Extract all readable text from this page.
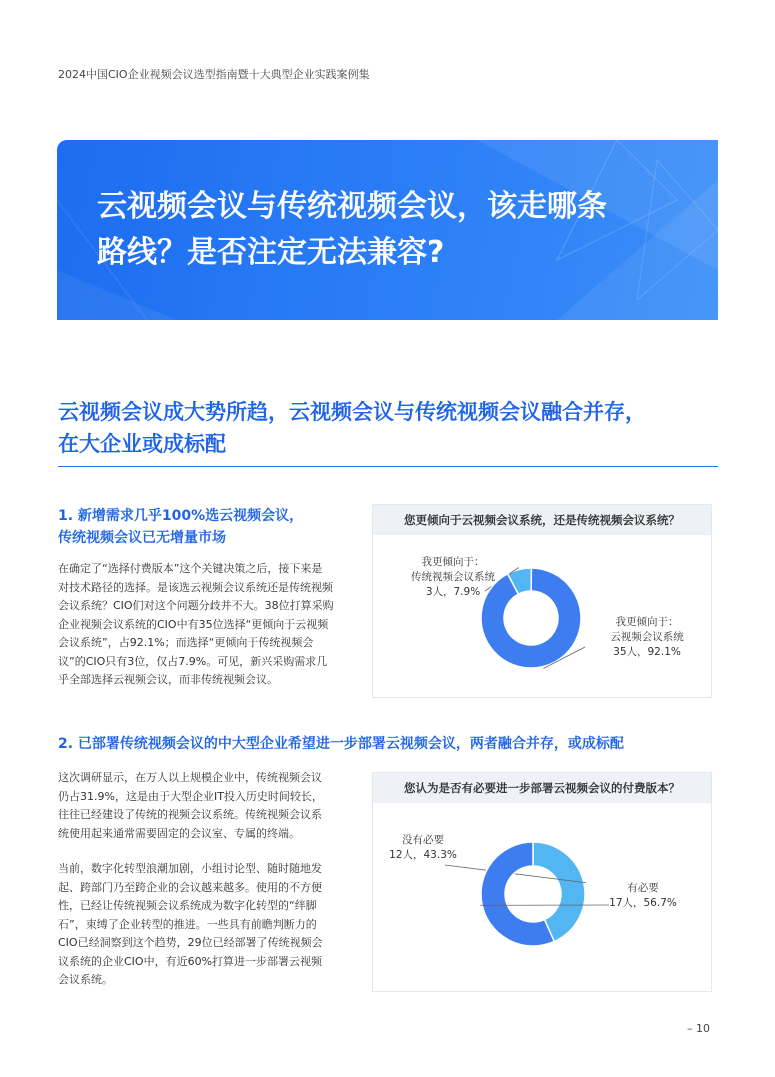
2024中国CIO企业视频会议选型指南暨十大典型企业实践案例集
云视频会议与传统视频会议，该走哪条
路线？是否注定无法兼容?
云视频会议成大势所趋，云视频会议与传统视频会议融合并存，
在大企业或成标配
1. 新增需求几乎100%选云视频会议，
传统视频会议已无增量市场
在确定了“选择付费版本”这个关键决策之后，接下来是
对技术路径的选择。是该选云视频会议系统还是传统视频
会议系统？CIO们对这个问题分歧并不大。38位打算采购
企业视频会议系统的CIO中有35位选择“更倾向于云视频
会议系统”，占92.1%；而选择“更倾向于传统视频会
议”的CIO只有3位，仅占7.9%。可见，新兴采购需求几
乎全部选择云视频会议，而非传统视频会议。
您更倾向于云视频会议系统，还是传统视频会议系统？
我更倾向于：
传统视频会议系统
3人，7.9%
我更倾向于：
云视频会议系统
35人，92.1%
2. 已部署传统视频会议的中大型企业希望进一步部署云视频会议，两者融合并存，或成标配
这次调研显示，在万人以上规模企业中，传统视频会议
仍占31.9%，这是由于大型企业IT投入历史时间较长，
往往已经建设了传统的视频会议系统。传统视频会议系
统使用起来通常需要固定的会议室、专属的终端。
当前，数字化转型浪潮加剧，小组讨论型、随时随地发
起、跨部门乃至跨企业的会议越来越多。使用的不方便
性，已经让传统视频会议系统成为数字化转型的“绊脚
石”，束缚了企业转型的推进。一些具有前瞻判断力的
CIO已经洞察到这个趋势，29位已经部署了传统视频会
议系统的企业CIO中，有近60%打算进一步部署云视频
会议系统。
您认为是否有必要进一步部署云视频会议的付费版本？
没有必要
12人，43.3%
有必要
17人，56.7%
– 10
